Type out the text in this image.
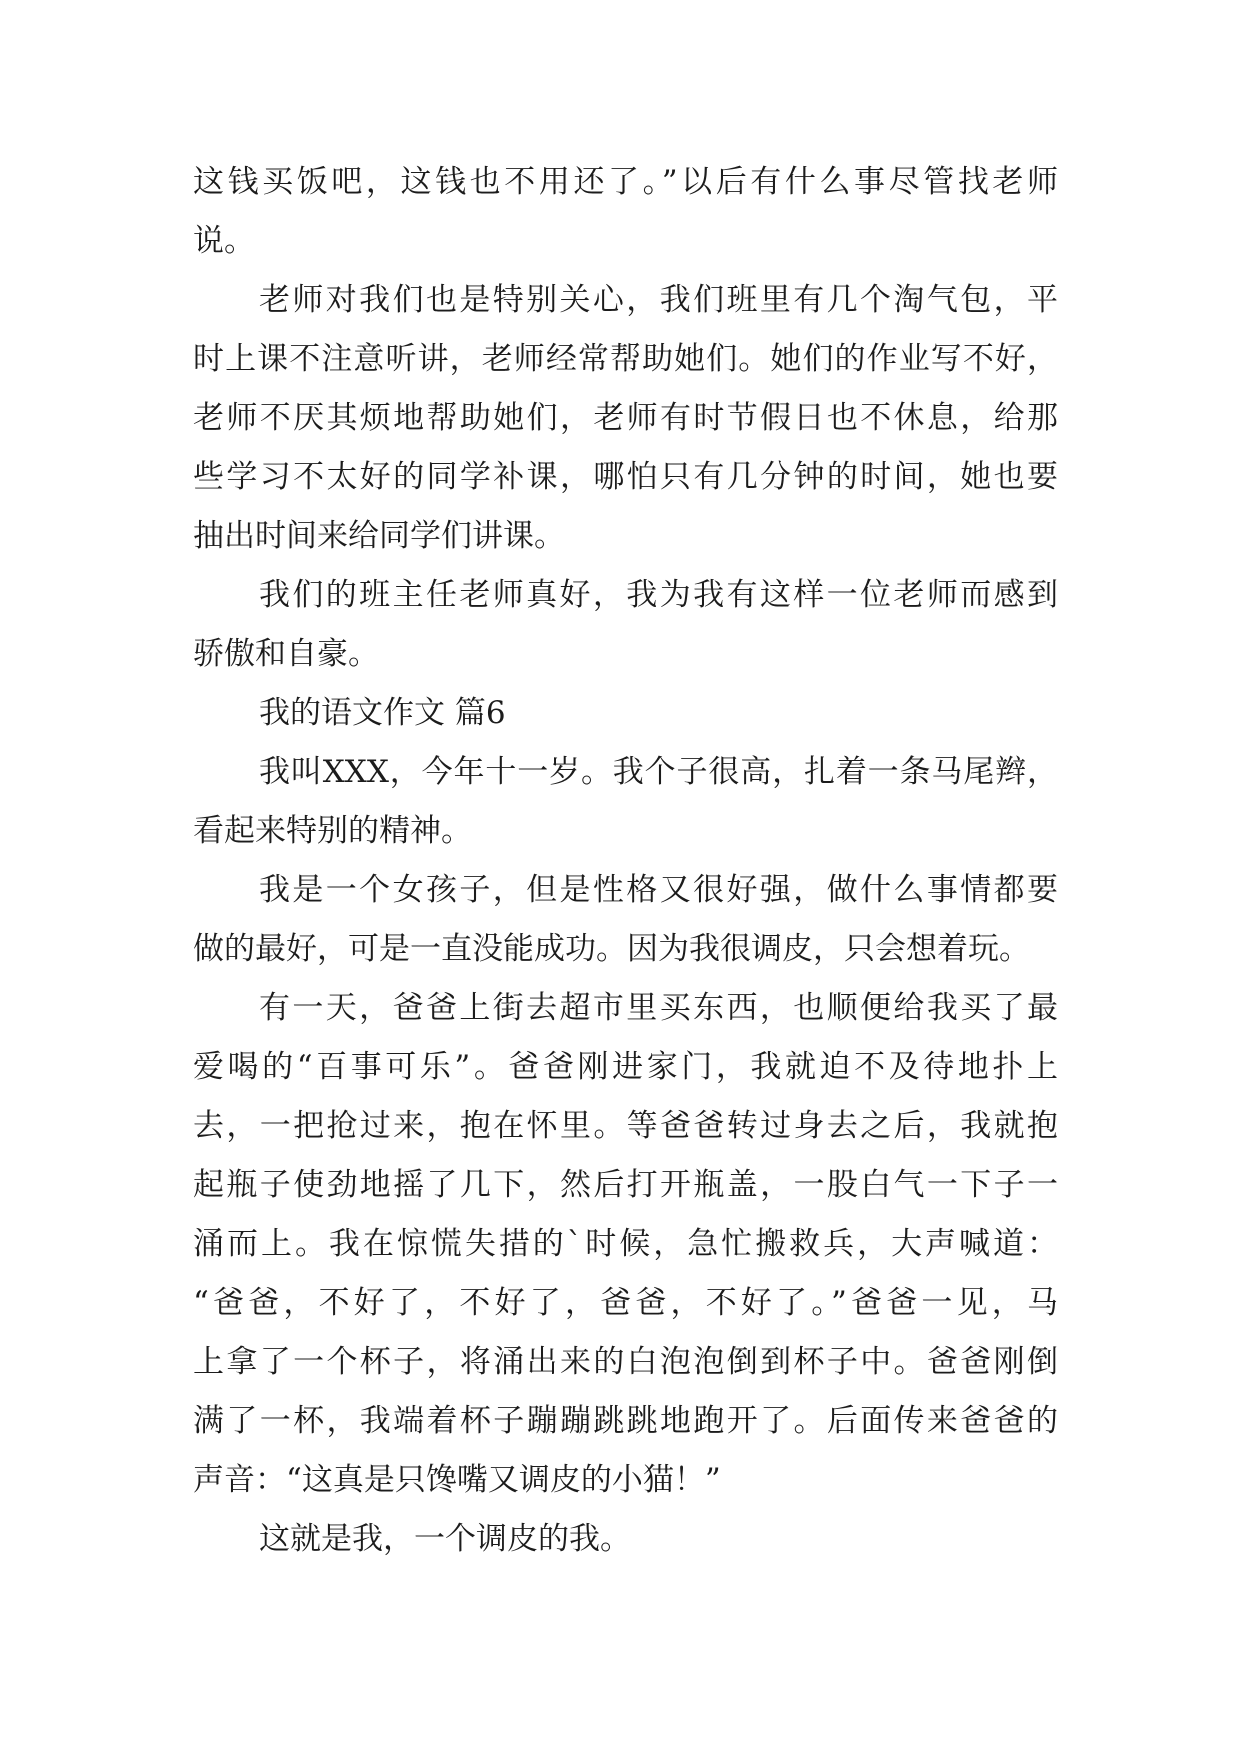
这钱买饭吧，这钱也不用还了。”以后有什么事尽管找老师
说。
老师对我们也是特别关心，我们班里有几个淘气包，平
时上课不注意听讲，老师经常帮助她们。她们的作业写不好，
老师不厌其烦地帮助她们，老师有时节假日也不休息，给那
些学习不太好的同学补课，哪怕只有几分钟的时间，她也要
抽出时间来给同学们讲课。
我们的班主任老师真好，我为我有这样一位老师而感到
骄傲和自豪。
我的语文作文 篇6
我叫XXX，今年十一岁。我个子很高，扎着一条马尾辫，
看起来特别的精神。
我是一个女孩子，但是性格又很好强，做什么事情都要
做的最好，可是一直没能成功。因为我很调皮，只会想着玩。
有一天，爸爸上街去超市里买东西，也顺便给我买了最
爱喝的“百事可乐”。爸爸刚进家门，我就迫不及待地扑上
去，一把抢过来，抱在怀里。等爸爸转过身去之后，我就抱
起瓶子使劲地摇了几下，然后打开瓶盖，一股白气一下子一
涌而上。我在惊慌失措的`时候，急忙搬救兵，大声喊道：
“爸爸，不好了，不好了，爸爸，不好了。”爸爸一见，马
上拿了一个杯子，将涌出来的白泡泡倒到杯子中。爸爸刚倒
满了一杯，我端着杯子蹦蹦跳跳地跑开了。后面传来爸爸的
声音：“这真是只馋嘴又调皮的小猫！”
这就是我，一个调皮的我。
